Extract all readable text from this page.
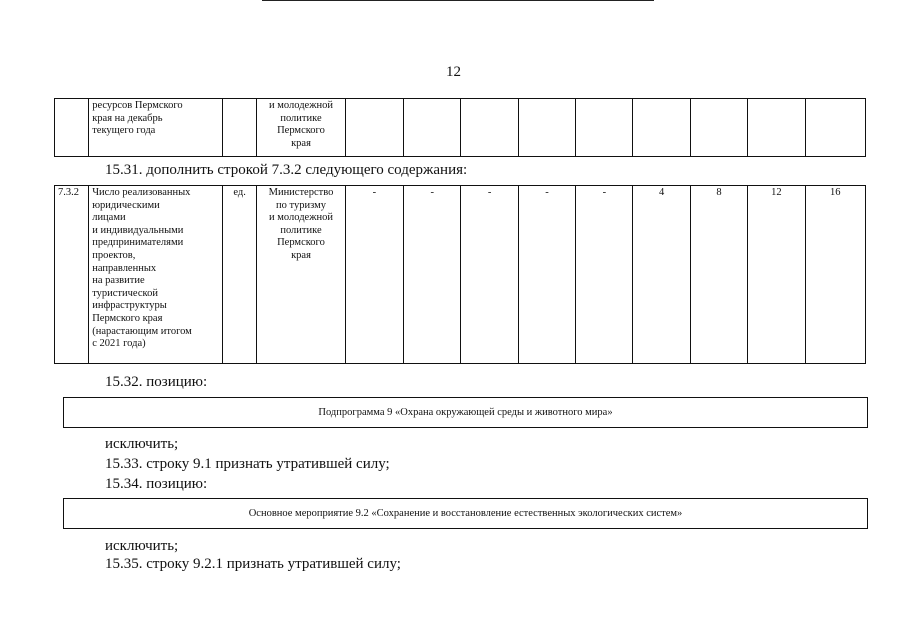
12
	ресурсов Пермского
края на декабрь
текущего года		и молодежной
политике
Пермского
края									
15.31. дополнить строкой 7.3.2 следующего содержания:
7.3.2	Число реализованных
юридическими
лицами
и индивидуальными
предпринимателями
проектов,
направленных
на развитие
туристической
инфраструктуры
Пермского края
(нарастающим итогом
с 2021 года)	ед.	Министерство
по туризму
и молодежной
политике
Пермского
края	-	-	-	-	-	4	8	12	16
15.32. позицию:
Подпрограмма 9 «Охрана окружающей среды и животного мира»
исключить;
15.33. строку 9.1 признать утратившей силу;
15.34. позицию:
Основное мероприятие 9.2 «Сохранение и восстановление естественных экологических систем»
исключить;
15.35. строку 9.2.1 признать утратившей силу;
